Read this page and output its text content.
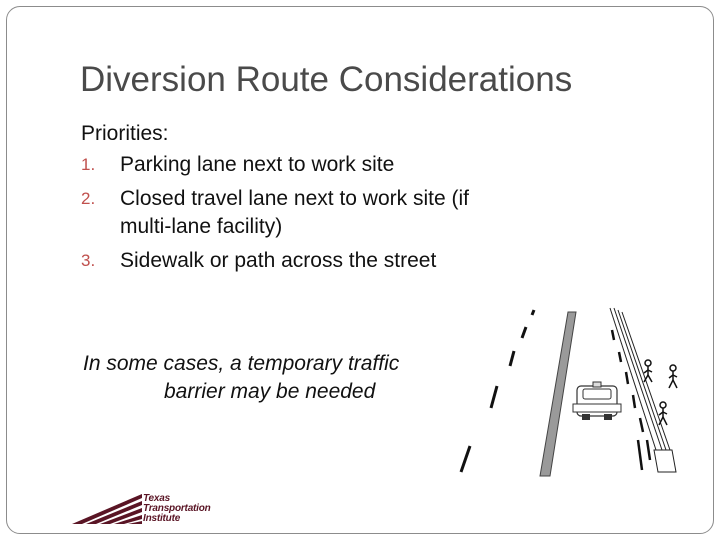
Diversion Route Considerations
Priorities:
1. Parking lane next to work site
2. Closed travel lane next to work site (if multi-lane facility)
3. Sidewalk or path across the street
In some cases, a temporary traffic
barrier may be needed
Texas
Transportation
Institute
